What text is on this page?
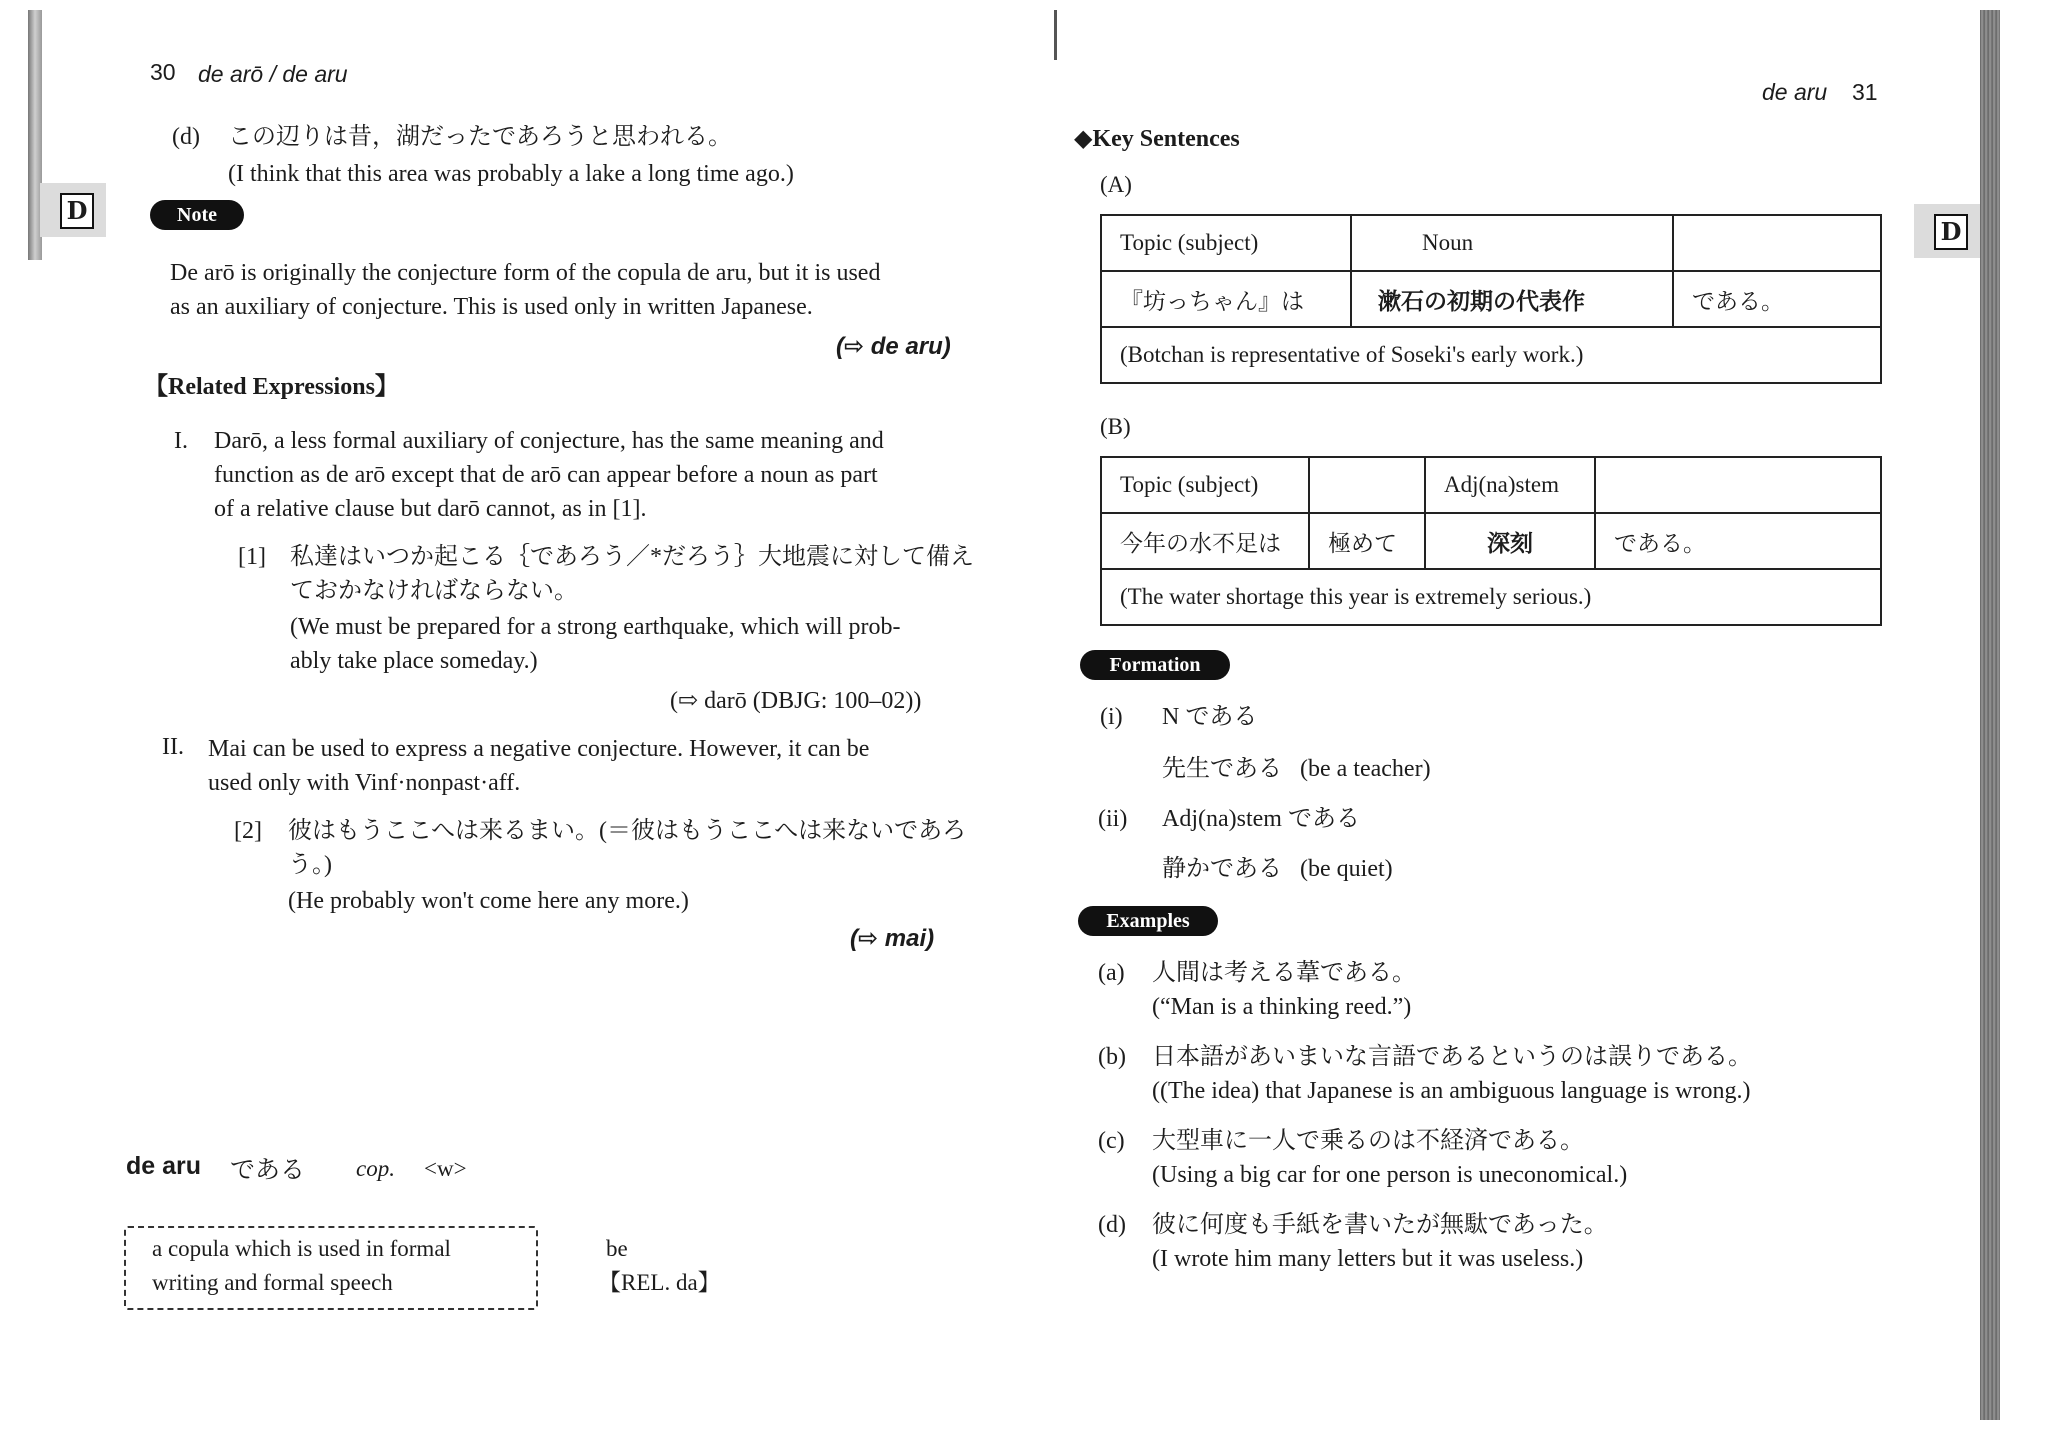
30 de arō / de aru
D
(d) この辺りは昔，湖だったであろうと思われる。
(I think that this area was probably a lake a long time ago.)
Note
De arō is originally the conjecture form of the copula de aru, but it is used
as an auxiliary of conjecture. This is used only in written Japanese.
(⇨ de aru)
【Related Expressions】
I. Darō, a less formal auxiliary of conjecture, has the same meaning and
function as de arō except that de arō can appear before a noun as part
of a relative clause but darō cannot, as in [1].
[1] 私達はいつか起こる｛であろう／*だろう｝大地震に対して備え
ておかなければならない。
(We must be prepared for a strong earthquake, which will prob-
ably take place someday.)
(⇨ darō (DBJG: 100–02))
II. Mai can be used to express a negative conjecture. However, it can be
used only with Vinf·nonpast·aff.
[2] 彼はもうここへは来るまい。(＝彼はもうここへは来ないであろ
う。)
(He probably won't come here any more.)
(⇨ mai)
de aru である cop. <w>
a copula which is used in formal
writing and formal speech
be
【REL. da】
de aru 31
D
◆Key Sentences
(A)
Topic (subject)	Noun	
『坊っちゃん』は	漱石の初期の代表作	である。
(Botchan is representative of Soseki's early work.)		
(B)
Topic (subject)		Adj(na)stem	
今年の水不足は	極めて	深刻	である。
(The water shortage this year is extremely serious.)			
Formation
(i) N である
先生である (be a teacher)
(ii) Adj(na)stem である
静かである (be quiet)
Examples
(a) 人間は考える葦である。
(“Man is a thinking reed.”)
(b) 日本語があいまいな言語であるというのは誤りである。
((The idea) that Japanese is an ambiguous language is wrong.)
(c) 大型車に一人で乗るのは不経済である。
(Using a big car for one person is uneconomical.)
(d) 彼に何度も手紙を書いたが無駄であった。
(I wrote him many letters but it was useless.)
